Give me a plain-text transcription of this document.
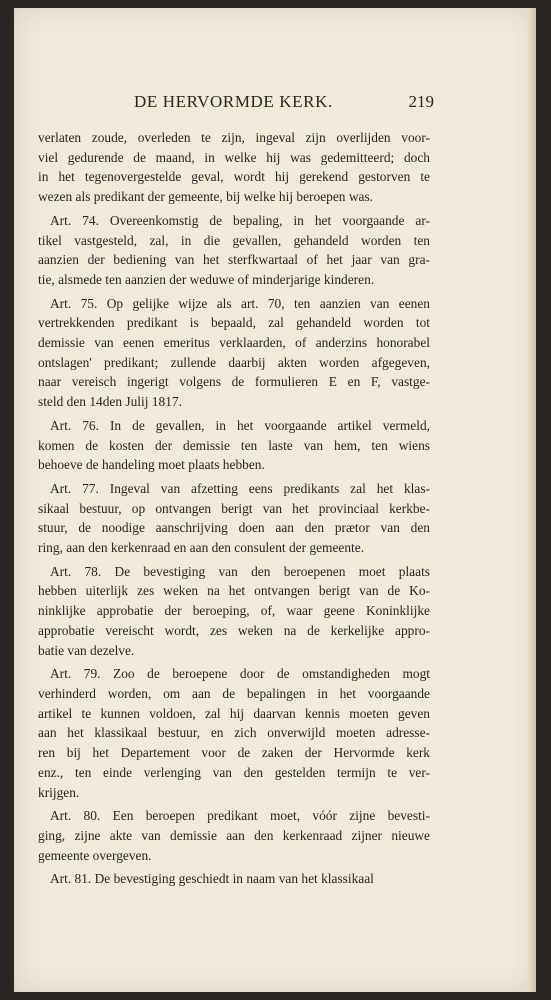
DE HERVORMDE KERK.	219
verlaten zoude, overleden te zijn, ingeval zijn overlijden voor-
viel gedurende de maand, in welke hij was gedemitteerd; doch
in het tegenovergestelde geval, wordt hij gerekend gestorven te
wezen als predikant der gemeente, bij welke hij beroepen was.
Art. 74. Overeenkomstig de bepaling, in het voorgaande ar-
tikel vastgesteld, zal, in die gevallen, gehandeld worden ten
aanzien der bediening van het sterfkwartaal of het jaar van gra-
tie, alsmede ten aanzien der weduwe of minderjarige kinderen.
Art. 75. Op gelijke wijze als art. 70, ten aanzien van eenen
vertrekkenden predikant is bepaald, zal gehandeld worden tot
demissie van eenen emeritus verklaarden, of anderzins honorabel
ontslagen' predikant; zullende daarbij akten worden afgegeven,
naar vereisch ingerigt volgens de formulieren E en F, vastge-
steld den 14den Julij 1817.
Art. 76. In de gevallen, in het voorgaande artikel vermeld,
komen de kosten der demissie ten laste van hem, ten wiens
behoeve de handeling moet plaats hebben.
Art. 77. Ingeval van afzetting eens predikants zal het klas-
sikaal bestuur, op ontvangen berigt van het provinciaal kerkbe-
stuur, de noodige aanschrijving doen aan den prætor van den
ring, aan den kerkenraad en aan den consulent der gemeente.
Art. 78. De bevestiging van den beroepenen moet plaats
hebben uiterlijk zes weken na het ontvangen berigt van de Ko-
ninklijke approbatie der beroeping, of, waar geene Koninklijke
approbatie vereischt wordt, zes weken na de kerkelijke appro-
batie van dezelve.
Art. 79. Zoo de beroepene door de omstandigheden mogt
verhinderd worden, om aan de bepalingen in het voorgaande
artikel te kunnen voldoen, zal hij daarvan kennis moeten geven
aan het klassikaal bestuur, en zich onverwijld moeten adresse-
ren bij het Departement voor de zaken der Hervormde kerk
enz., ten einde verlenging van den gestelden termijn te ver-
krijgen.
Art. 80. Een beroepen predikant moet, vóór zijne bevesti-
ging, zijne akte van demissie aan den kerkenraad zijner nieuwe
gemeente overgeven.
Art. 81. De bevestiging geschiedt in naam van het klassikaal
